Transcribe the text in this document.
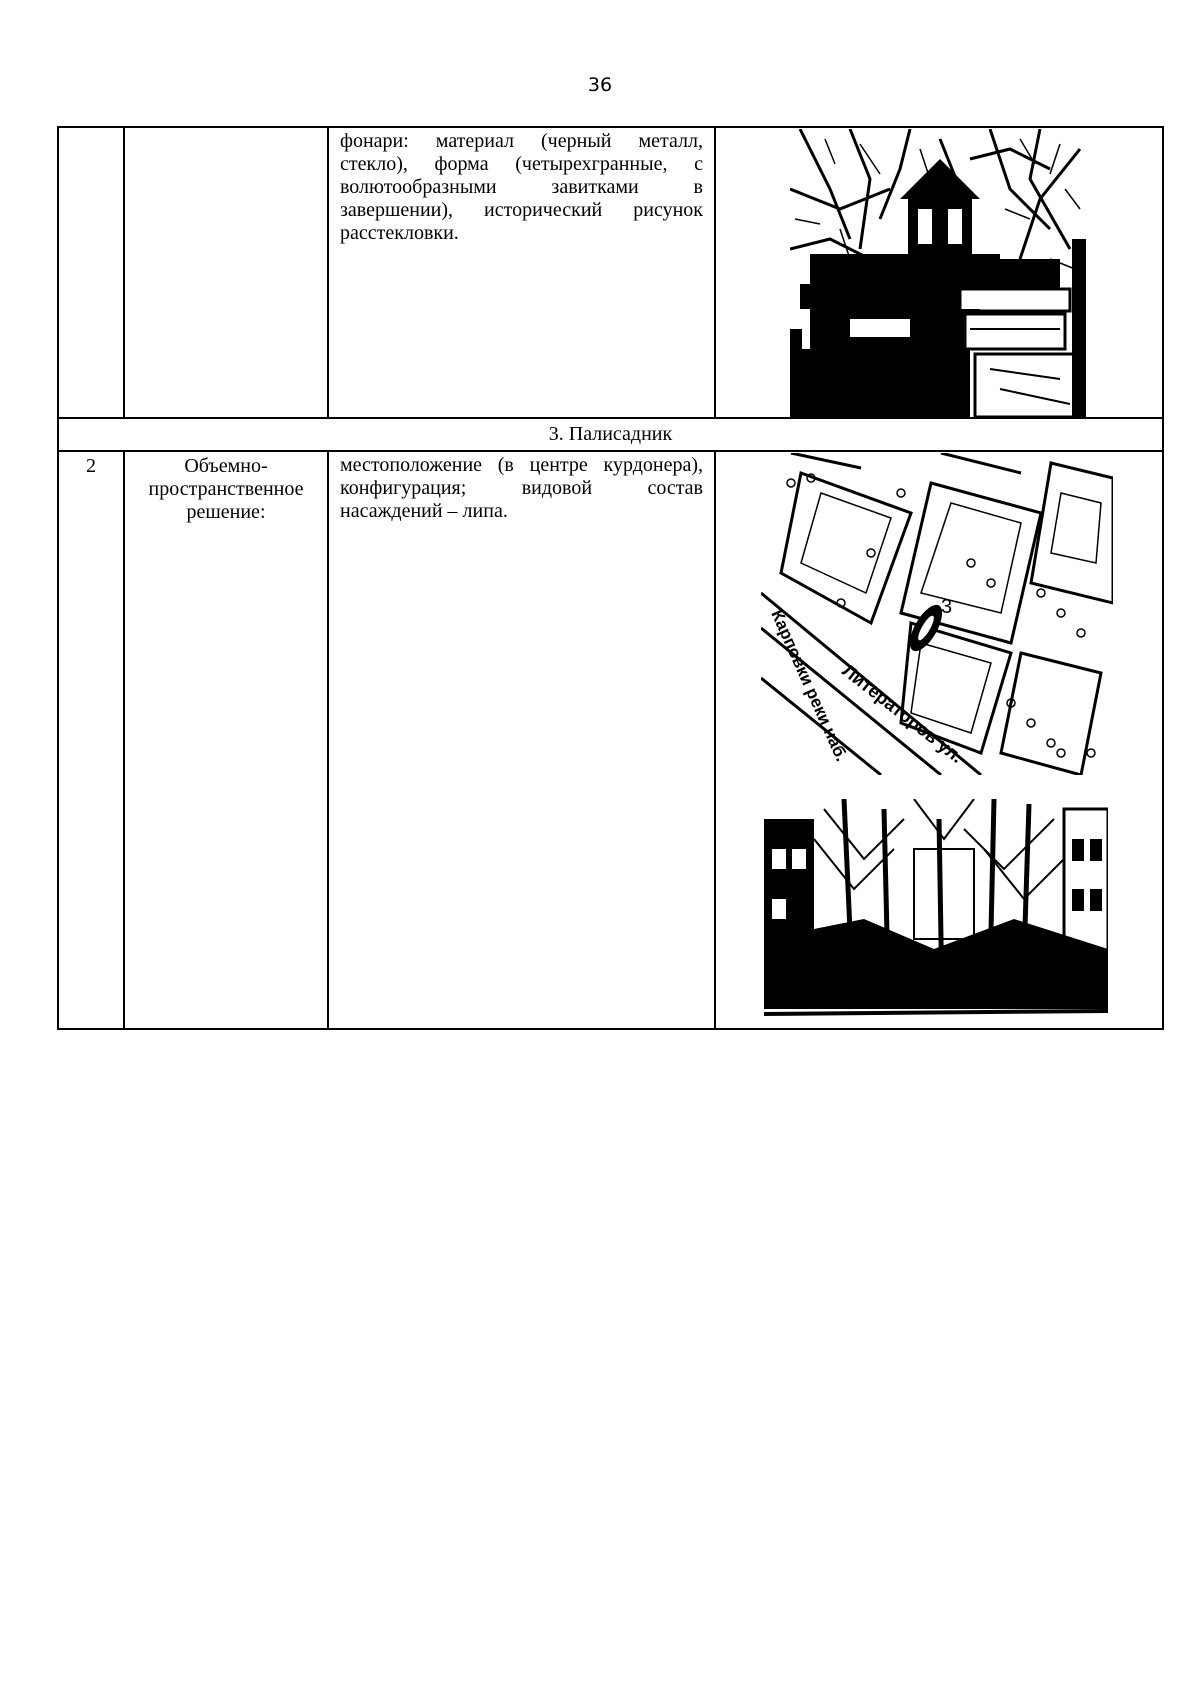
36
		фонари: материал (черный металл, стекло), форма (четырехгранные, с волютообразными завитками в завершении), исторический рисунок расстекловки.	

3. Палисадник			
2	Объемно-пространственное решение:	местоположение (в центре курдонера), конфигурация; видовой состав насаждений – липа.	3
Карповки реки наб.
Литераторов ул.
